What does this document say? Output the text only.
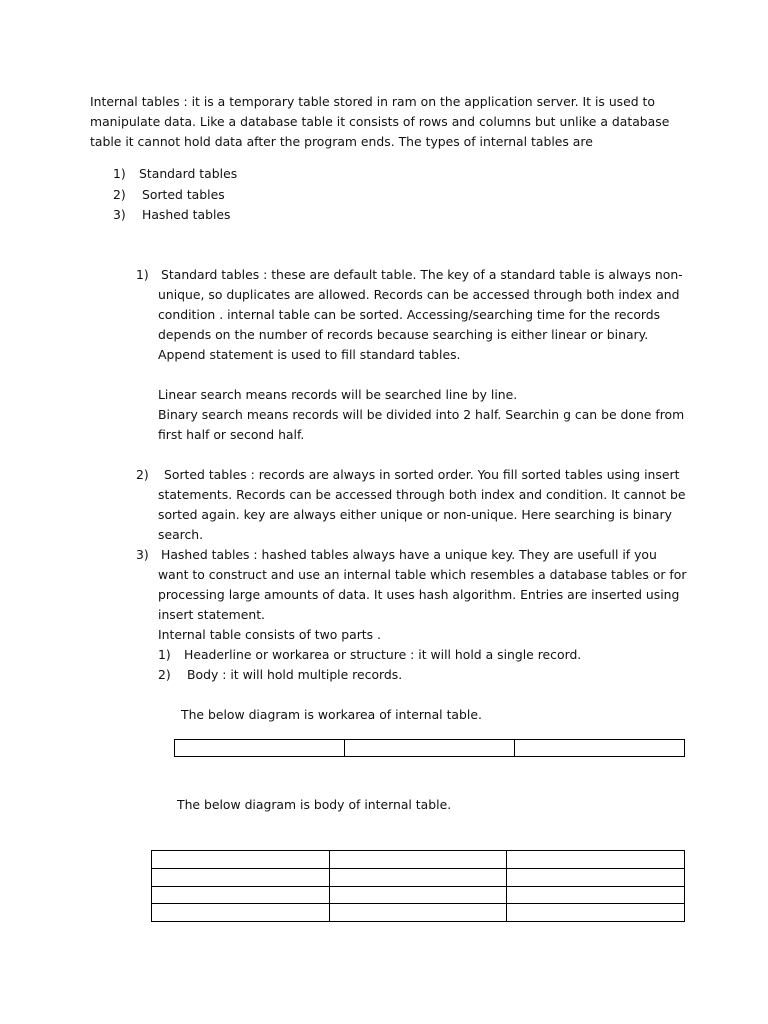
Internal tables : it is a temporary table stored in ram on the application server. It is used to
manipulate data. Like a database table it consists of rows and columns but unlike a database
table it cannot hold data after the program ends. The types of internal tables are
1) Standard tables
2) Sorted tables
3) Hashed tables
1) Standard tables : these are default table. The key of a standard table is always non-
unique, so duplicates are allowed. Records can be accessed through both index and
condition . internal table can be sorted. Accessing/searching time for the records
depends on the number of records because searching is either linear or binary.
Append statement is used to fill standard tables.
Linear search means records will be searched line by line.
Binary search means records will be divided into 2 half. Searchin g can be done from
first half or second half.
2) Sorted tables : records are always in sorted order. You fill sorted tables using insert
statements. Records can be accessed through both index and condition. It cannot be
sorted again. key are always either unique or non-unique. Here searching is binary
search.
3) Hashed tables : hashed tables always have a unique key. They are usefull if you
want to construct and use an internal table which resembles a database tables or for
processing large amounts of data. It uses hash algorithm. Entries are inserted using
insert statement.
Internal table consists of two parts .
1) Headerline or workarea or structure : it will hold a single record.
2) Body : it will hold multiple records.
The below diagram is workarea of internal table.

The below diagram is body of internal table.
